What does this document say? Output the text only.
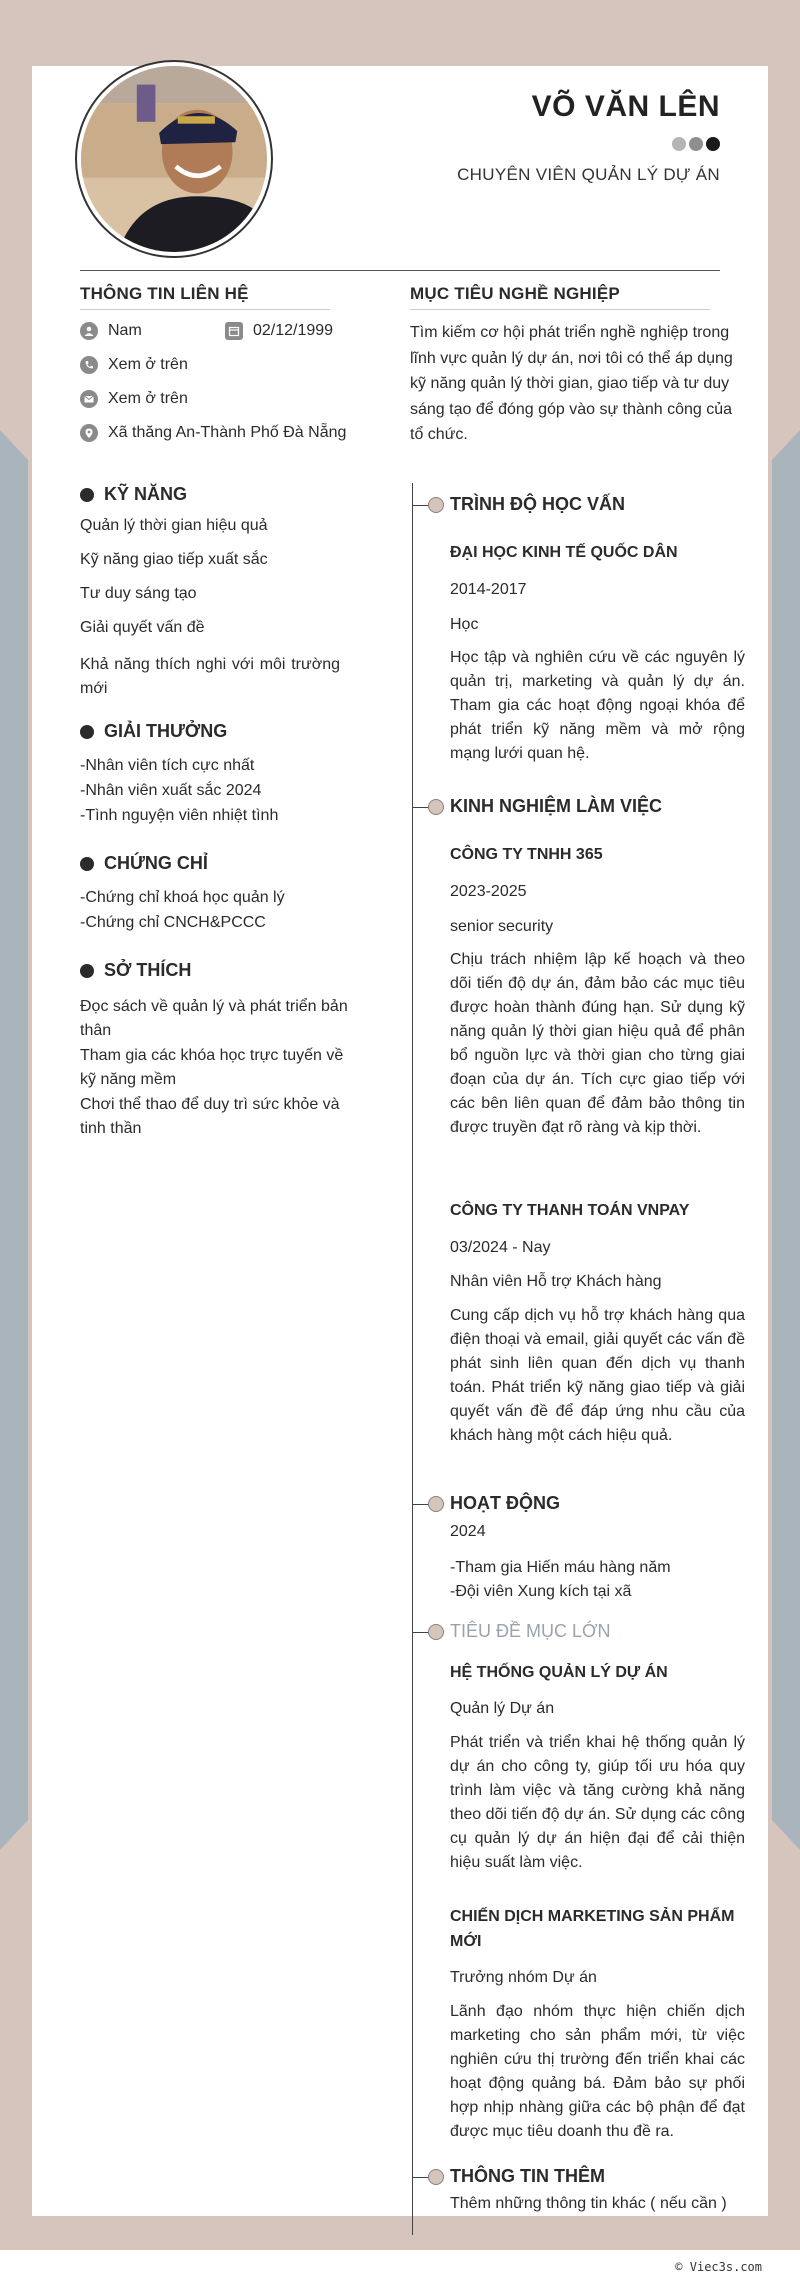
VÕ VĂN LÊN
CHUYÊN VIÊN QUẢN LÝ DỰ ÁN
THÔNG TIN LIÊN HỆ
Nam	02/12/1999
Xem ở trên
Xem ở trên
Xã thăng An-Thành Phố Đà Nẵng
MỤC TIÊU NGHỀ NGHIỆP
Tìm kiếm cơ hội phát triển nghề nghiệp trong lĩnh vực quản lý dự án, nơi tôi có thể áp dụng kỹ năng quản lý thời gian, giao tiếp và tư duy sáng tạo để đóng góp vào sự thành công của tổ chức.
KỸ NĂNG
Quản lý thời gian hiệu quả
Kỹ năng giao tiếp xuất sắc
Tư duy sáng tạo
Giải quyết vấn đề
Khả năng thích nghi với môi trường mới
GIẢI THƯỞNG
-Nhân viên tích cực nhất
-Nhân viên xuất sắc 2024
-Tình nguyện viên nhiệt tình
CHỨNG CHỈ
-Chứng chỉ khoá học quản lý
-Chứng chỉ CNCH&PCCC
SỞ THÍCH
Đọc sách về quản lý và phát triển bản thân
Tham gia các khóa học trực tuyến về kỹ năng mềm
Chơi thể thao để duy trì sức khỏe và tinh thần
TRÌNH ĐỘ HỌC VẤN
ĐẠI HỌC KINH TẾ QUỐC DÂN
2014-2017
Học
Học tập và nghiên cứu về các nguyên lý quản trị, marketing và quản lý dự án. Tham gia các hoạt động ngoại khóa để phát triển kỹ năng mềm và mở rộng mạng lưới quan hệ.
KINH NGHIỆM LÀM VIỆC
CÔNG TY TNHH 365
2023-2025
senior security
Chịu trách nhiệm lập kế hoạch và theo dõi tiến độ dự án, đảm bảo các mục tiêu được hoàn thành đúng hạn. Sử dụng kỹ năng quản lý thời gian hiệu quả để phân bổ nguồn lực và thời gian cho từng giai đoạn của dự án. Tích cực giao tiếp với các bên liên quan để đảm bảo thông tin được truyền đạt rõ ràng và kịp thời.
CÔNG TY THANH TOÁN VNPAY
03/2024 - Nay
Nhân viên Hỗ trợ Khách hàng
Cung cấp dịch vụ hỗ trợ khách hàng qua điện thoại và email, giải quyết các vấn đề phát sinh liên quan đến dịch vụ thanh toán. Phát triển kỹ năng giao tiếp và giải quyết vấn đề để đáp ứng nhu cầu của khách hàng một cách hiệu quả.
HOẠT ĐỘNG
2024
-Tham gia Hiến máu hàng năm
-Đội viên Xung kích tại xã
TIÊU ĐỀ MỤC LỚN
HỆ THỐNG QUẢN LÝ DỰ ÁN
Quản lý Dự án
Phát triển và triển khai hệ thống quản lý dự án cho công ty, giúp tối ưu hóa quy trình làm việc và tăng cường khả năng theo dõi tiến độ dự án. Sử dụng các công cụ quản lý dự án hiện đại để cải thiện hiệu suất làm việc.
CHIẾN DỊCH MARKETING SẢN PHẨM MỚI
Trưởng nhóm Dự án
Lãnh đạo nhóm thực hiện chiến dịch marketing cho sản phẩm mới, từ việc nghiên cứu thị trường đến triển khai các hoạt động quảng bá. Đảm bảo sự phối hợp nhịp nhàng giữa các bộ phận để đạt được mục tiêu doanh thu đề ra.
THÔNG TIN THÊM
Thêm những thông tin khác ( nếu cần )
© Viec3s.com
